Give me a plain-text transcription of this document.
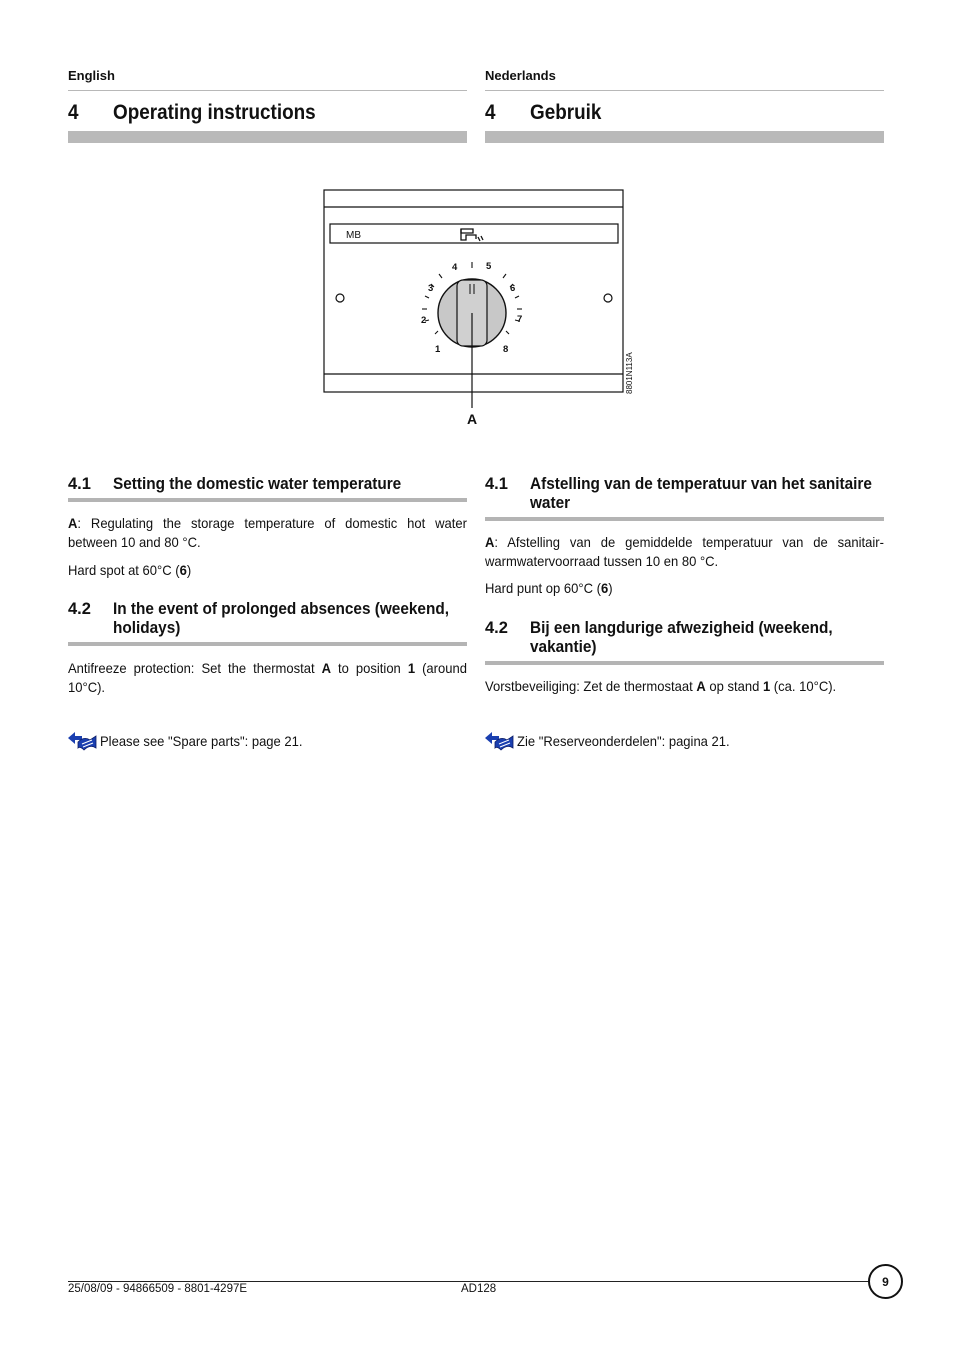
English	Nederlands
4 Operating instructions	4 Gebruik
MB
1
2
3
4	5
6
7
8
A
8801N113A
4.1 Setting the domestic water temperature
A: Regulating the storage temperature of domestic hot water between 10 and 80 °C.
Hard spot at 60°C (6)
4.2 In the event of prolonged absences (weekend, holidays)
Antifreeze protection: Set the thermostat A to position 1 (around 10°C).
Please see "Spare parts": page 21.
4.1 Afstelling van de temperatuur van het sanitaire water
A: Afstelling van de gemiddelde temperatuur van de sanitair-warmwatervoorraad tussen 10 en 80 °C.
Hard punt op 60°C (6)
4.2 Bij een langdurige afwezigheid (weekend, vakantie)
Vorstbeveiliging: Zet de thermostaat A op stand 1 (ca. 10°C).
Zie "Reserveonderdelen": pagina 21.
25/08/09 - 94866509 - 8801-4297E	AD128
9
